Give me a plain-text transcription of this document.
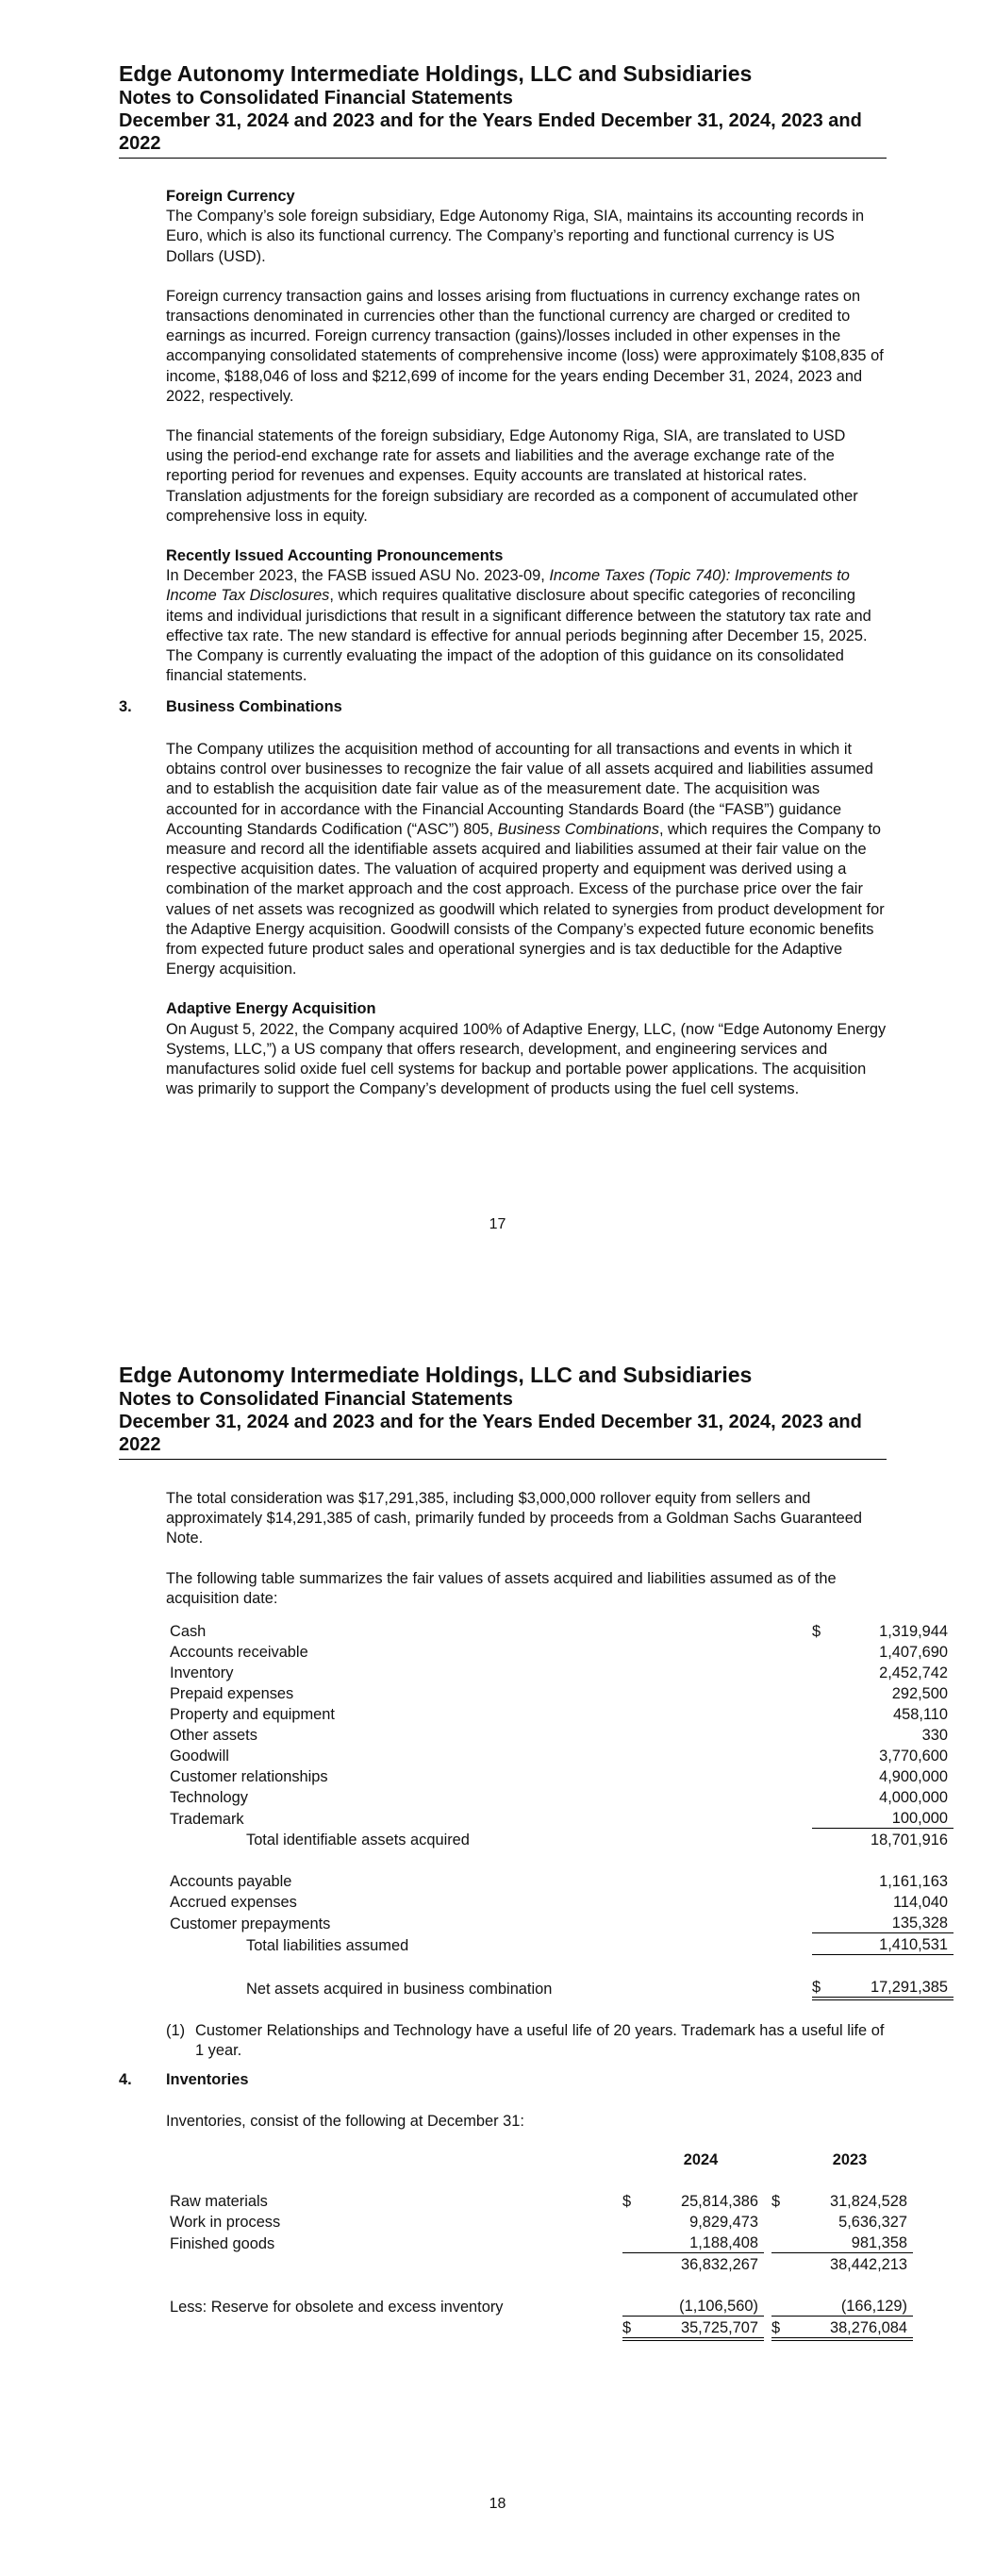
Edge Autonomy Intermediate Holdings, LLC and Subsidiaries
Notes to Consolidated Financial Statements
December 31, 2024 and 2023 and for the Years Ended December 31, 2024, 2023 and 2022
Foreign Currency

The Company’s sole foreign subsidiary, Edge Autonomy Riga, SIA, maintains its accounting records in Euro, which is also its functional currency. The Company’s reporting and functional currency is US Dollars (USD).

Foreign currency transaction gains and losses arising from fluctuations in currency exchange rates on transactions denominated in currencies other than the functional currency are charged or credited to earnings as incurred. Foreign currency transaction (gains)/losses included in other expenses in the accompanying consolidated statements of comprehensive income (loss) were approximately $108,835 of income, $188,046 of loss and $212,699 of income for the years ending December 31, 2024, 2023 and 2022, respectively.

The financial statements of the foreign subsidiary, Edge Autonomy Riga, SIA, are translated to USD using the period-end exchange rate for assets and liabilities and the average exchange rate of the reporting period for revenues and expenses. Equity accounts are translated at historical rates. Translation adjustments for the foreign subsidiary are recorded as a component of accumulated other comprehensive loss in equity.

Recently Issued Accounting Pronouncements

In December 2023, the FASB issued ASU No. 2023-09, Income Taxes (Topic 740): Improvements to Income Tax Disclosures, which requires qualitative disclosure about specific categories of reconciling items and individual jurisdictions that result in a significant difference between the statutory tax rate and effective tax rate. The new standard is effective for annual periods beginning after December 15, 2025. The Company is currently evaluating the impact of the adoption of this guidance on its consolidated financial statements.

3. Business Combinations

The Company utilizes the acquisition method of accounting for all transactions and events in which it obtains control over businesses to recognize the fair value of all assets acquired and liabilities assumed and to establish the acquisition date fair value as of the measurement date. The acquisition was accounted for in accordance with the Financial Accounting Standards Board (the “FASB”) guidance Accounting Standards Codification (“ASC”) 805, Business Combinations, which requires the Company to measure and record all the identifiable assets acquired and liabilities assumed at their fair value on the respective acquisition dates. The valuation of acquired property and equipment was derived using a combination of the market approach and the cost approach. Excess of the purchase price over the fair values of net assets was recognized as goodwill which related to synergies from product development for the Adaptive Energy acquisition. Goodwill consists of the Company’s expected future economic benefits from expected future product sales and operational synergies and is tax deductible for the Adaptive Energy acquisition.

Adaptive Energy Acquisition

On August 5, 2022, the Company acquired 100% of Adaptive Energy, LLC, (now “Edge Autonomy Energy Systems, LLC,”) a US company that offers research, development, and engineering services and manufactures solid oxide fuel cell systems for backup and portable power applications. The acquisition was primarily to support the Company’s development of products using the fuel cell systems.

17
Edge Autonomy Intermediate Holdings, LLC and Subsidiaries
Notes to Consolidated Financial Statements
December 31, 2024 and 2023 and for the Years Ended December 31, 2024, 2023 and 2022

The total consideration was $17,291,385, including $3,000,000 rollover equity from sellers and approximately $14,291,385 of cash, primarily funded by proceeds from a Goldman Sachs Guaranteed Note.

The following table summarizes the fair values of assets acquired and liabilities assumed as of the acquisition date:

Cash	$	1,319,944
Accounts receivable		1,407,690
Inventory		2,452,742
Prepaid expenses		292,500
Property and equipment		458,110
Other assets		330
Goodwill		3,770,600
Customer relationships		4,900,000
Technology		4,000,000
Trademark		100,000
Total identifiable assets acquired		18,701,916

Accounts payable		1,161,163
Accrued expenses		114,040
Customer prepayments		135,328
Total liabilities assumed		1,410,531

Net assets acquired in business combination	$	17,291,385
(1) Customer Relationships and Technology have a useful life of 20 years. Trademark has a useful life of 1 year.
4. Inventories

Inventories, consist of the following at December 31:

		2024			2023

Raw materials	$	25,814,386		$	31,824,528
Work in process		9,829,473			5,636,327
Finished goods		1,188,408			981,358
		36,832,267			38,442,213

Less: Reserve for obsolete and excess inventory		(1,106,560)			(166,129)
	$	35,725,707		$	38,276,084
18
